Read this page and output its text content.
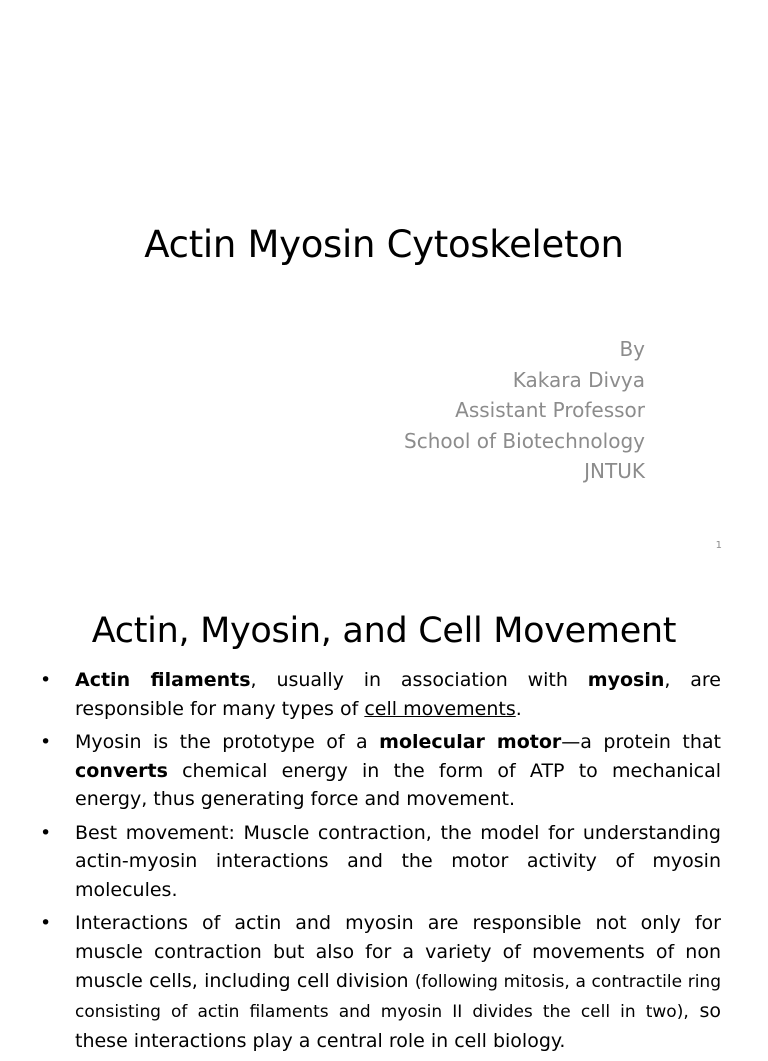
Actin Myosin Cytoskeleton
By
Kakara Divya
Assistant Professor
School of Biotechnology
JNTUK
1
Actin, Myosin, and Cell Movement
• Actin filaments, usually in association with myosin, are responsible for many types of cell movements.
• Myosin is the prototype of a molecular motor—a protein that converts chemical energy in the form of ATP to mechanical energy, thus generating force and movement.
• Best movement: Muscle contraction, the model for understanding actin-myosin interactions and the motor activity of myosin molecules.
• Interactions of actin and myosin are responsible not only for muscle contraction but also for a variety of movements of non muscle cells, including cell division (following mitosis, a contractile ring consisting of actin filaments and myosin II divides the cell in two), so these interactions play a central role in cell biology.
